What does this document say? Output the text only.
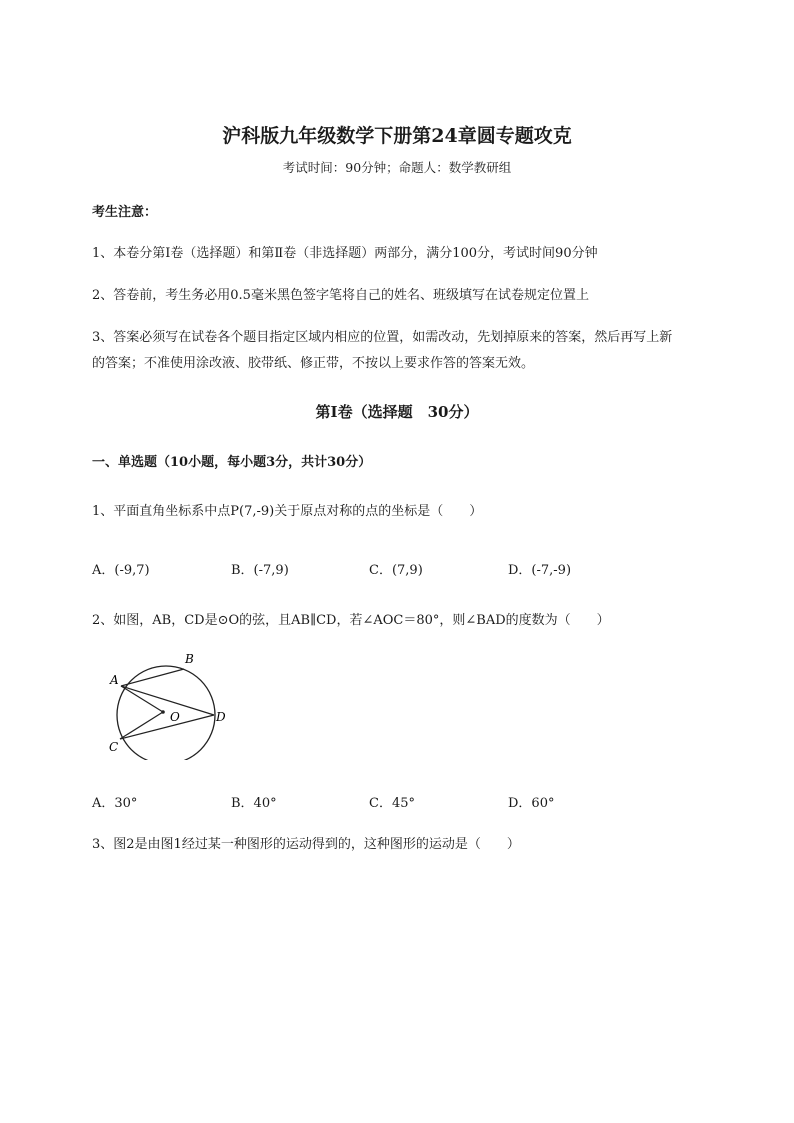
沪科版九年级数学下册第24章圆专题攻克
考试时间：90分钟；命题人：数学教研组
考生注意：
1、本卷分第I卷（选择题）和第Ⅱ卷（非选择题）两部分，满分100分，考试时间90分钟
2、答卷前，考生务必用0.5毫米黑色签字笔将自己的姓名、班级填写在试卷规定位置上
3、答案必须写在试卷各个题目指定区域内相应的位置，如需改动，先划掉原来的答案，然后再写上新
的答案；不准使用涂改液、胶带纸、修正带，不按以上要求作答的答案无效。
第I卷（选择题　30分）
一、单选题（10小题，每小题3分，共计30分）
1、平面直角坐标系中点P(7,-9)关于原点对称的点的坐标是（　　）
A．(-9,7)	B．(-7,9)	C．(7,9)	D．(-7,-9)
2、如图，AB，CD是⊙O的弦，且AB∥CD，若∠AOC＝80°，则∠BAD的度数为（　　）
A
B
O	D
C
A．30°	B．40°	C．45°	D．60°
3、图2是由图1经过某一种图形的运动得到的，这种图形的运动是（　　）
